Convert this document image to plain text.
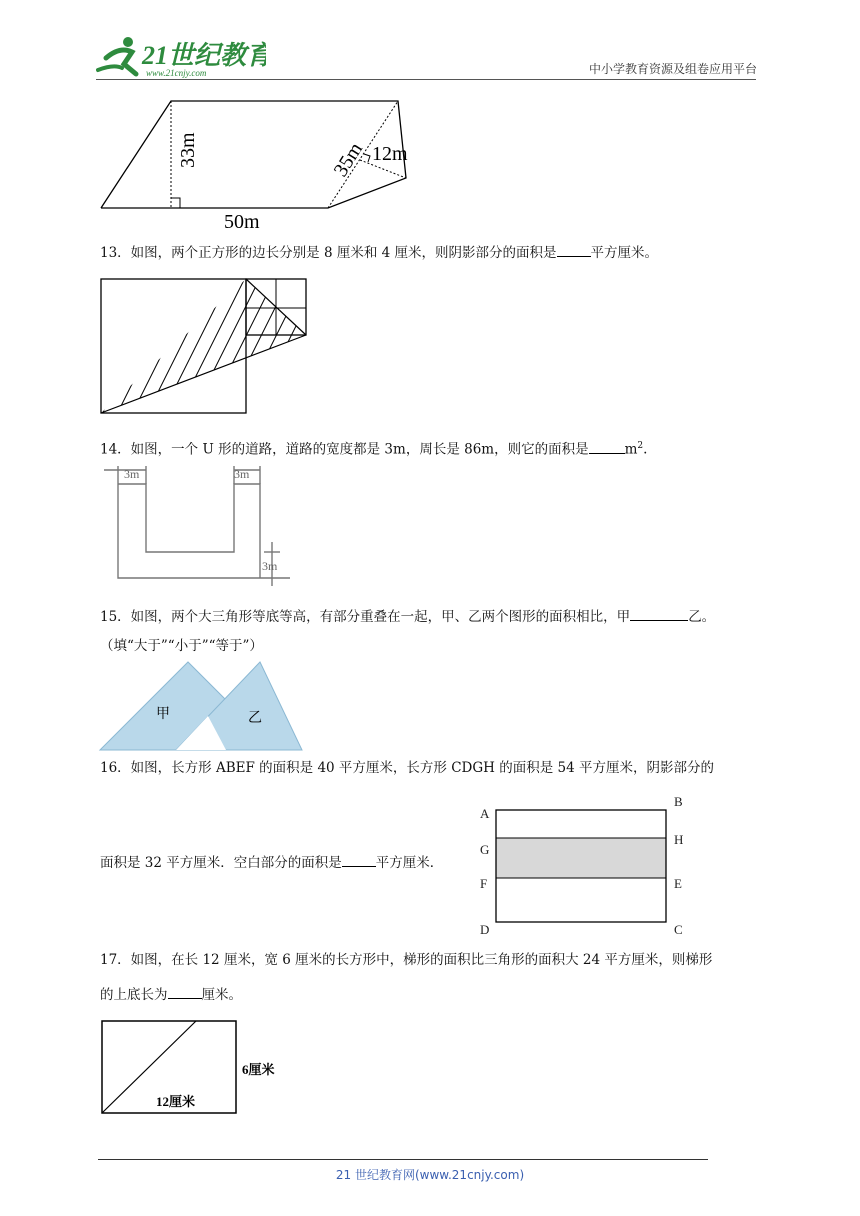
21世纪教育
www.21cnjy.com	中小学教育资源及组卷应用平台
33m	35m 12m
50m
13．如图，两个正方形的边长分别是 8 厘米和 4 厘米，则阴影部分的面积是	平方厘米。
14．如图，一个 U 形的道路，道路的宽度都是 3m，周长是 86m，则它的面积是	$m^2$.
3m	3m
3m
15．如图，两个大三角形等底等高，有部分重叠在一起，甲、乙两个图形的面积相比，甲	乙。
（填“大于”“小于”“等于”）
甲	乙
16．如图，长方形 ABEF 的面积是 40 平方厘米，长方形 CDGH 的面积是 54 平方厘米，阴影部分的
面积是 32 平方厘米．空白部分的面积是	平方厘米．
A
B
H
G
F	E
D	C
17．如图，在长 12 厘米，宽 6 厘米的长方形中，梯形的面积比三角形的面积大 24 平方厘米，则梯形
的上底长为	厘米。
12厘米
6厘米
21 世纪教育网(www.21cnjy.com)
